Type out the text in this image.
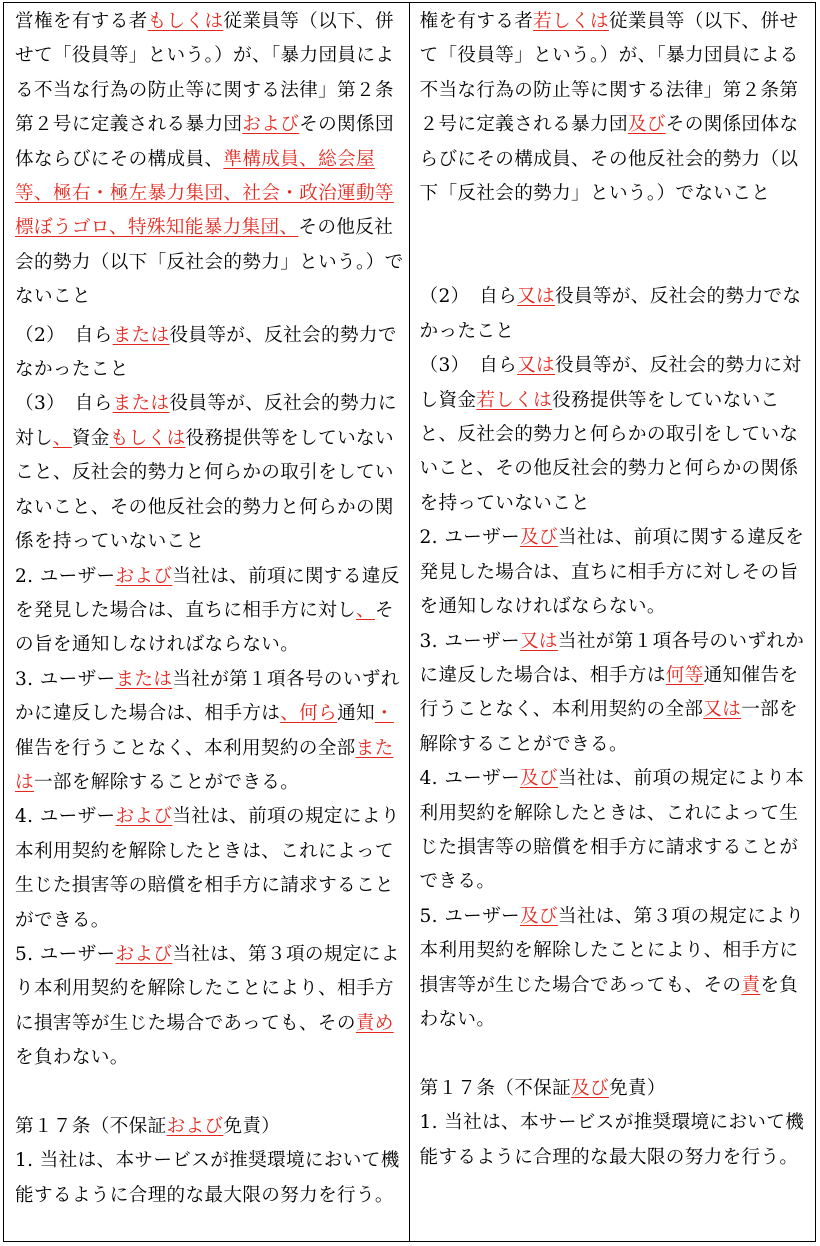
営権を有する者もしくは従業員等（以下、併せて「役員等」という。）が、「暴力団員による不当な行為の防止等に関する法律」第２条第２号に定義される暴力団およびその関係団体ならびにその構成員、準構成員、総会屋等、極右・極左暴力集団、社会・政治運動等標ぼうゴロ、特殊知能暴力集団、その他反社会的勢力（以下「反社会的勢力」という。）でないこと

（2）　自らまたは役員等が、反社会的勢力でなかったこと

（3）　自らまたは役員等が、反社会的勢力に対し、資金もしくは役務提供等をしていないこと、反社会的勢力と何らかの取引をしていないこと、その他反社会的勢力と何らかの関係を持っていないこと

2. ユーザーおよび当社は、前項に関する違反を発見した場合は、直ちに相手方に対し、その旨を通知しなければならない。

3. ユーザーまたは当社が第１項各号のいずれかに違反した場合は、相手方は、何ら通知・催告を行うことなく、本利用契約の全部または一部を解除することができる。

4. ユーザーおよび当社は、前項の規定により本利用契約を解除したときは、これによって生じた損害等の賠償を相手方に請求することができる。

5. ユーザーおよび当社は、第３項の規定により本利用契約を解除したことにより、相手方に損害等が生じた場合であっても、その責めを負わない。

第１７条（不保証および免責）

1. 当社は、本サービスが推奨環境において機能するように合理的な最大限の努力を行う。

権を有する者若しくは従業員等（以下、併せて「役員等」という。）が、「暴力団員による不当な行為の防止等に関する法律」第２条第２号に定義される暴力団及びその関係団体ならびにその構成員、その他反社会的勢力（以下「反社会的勢力」という。）でないこと

（2）　自ら又は役員等が、反社会的勢力でなかったこと

（3）　自ら又は役員等が、反社会的勢力に対し資金若しくは役務提供等をしていないこと、反社会的勢力と何らかの取引をしていないこと、その他反社会的勢力と何らかの関係を持っていないこと

2. ユーザー及び当社は、前項に関する違反を発見した場合は、直ちに相手方に対しその旨を通知しなければならない。

3. ユーザー又は当社が第１項各号のいずれかに違反した場合は、相手方は何等通知催告を行うことなく、本利用契約の全部又は一部を解除することができる。

4. ユーザー及び当社は、前項の規定により本利用契約を解除したときは、これによって生じた損害等の賠償を相手方に請求することができる。

5. ユーザー及び当社は、第３項の規定により本利用契約を解除したことにより、相手方に損害等が生じた場合であっても、その責を負わない。

第１７条（不保証及び免責）

1. 当社は、本サービスが推奨環境において機能するように合理的な最大限の努力を行う。
